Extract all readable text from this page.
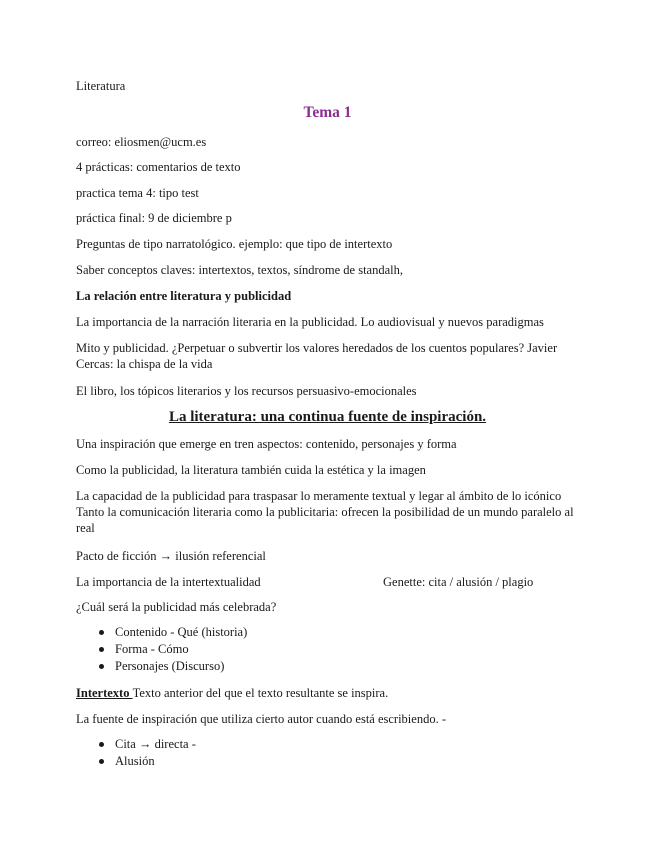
Literatura
Tema 1
correo: eliosmen@ucm.es
4 prácticas: comentarios de texto
practica tema 4: tipo test
práctica final: 9 de diciembre p
Preguntas de tipo narratológico. ejemplo: que tipo de intertexto
Saber conceptos claves: intertextos, textos, síndrome de standalh,
La relación entre literatura y publicidad
La importancia de la narración literaria en la publicidad. Lo audiovisual y nuevos paradigmas
Mito y publicidad. ¿Perpetuar o subvertir los valores heredados de los cuentos populares? Javier Cercas: la chispa de la vida
El libro, los tópicos literarios y los recursos persuasivo-emocionales
La literatura: una continua fuente de inspiración.
Una inspiración que emerge en tren aspectos: contenido, personajes y forma
Como la publicidad, la literatura también cuida la estética y la imagen
La capacidad de la publicidad para traspasar lo meramente textual y legar al ámbito de lo icónico Tanto la comunicación literaria como la publicitaria: ofrecen la posibilidad de un mundo paralelo al real
Pacto de ficción → ilusión referencial
La importancia de la intertextualidad	Genette: cita / alusión / plagio
¿Cuál será la publicidad más celebrada?
Contenido - Qué (historia)
Forma - Cómo
Personajes (Discurso)
Intertexto Texto anterior del que el texto resultante se inspira.
La fuente de inspiración que utiliza cierto autor cuando está escribiendo. -
Cita → directa -
Alusión
